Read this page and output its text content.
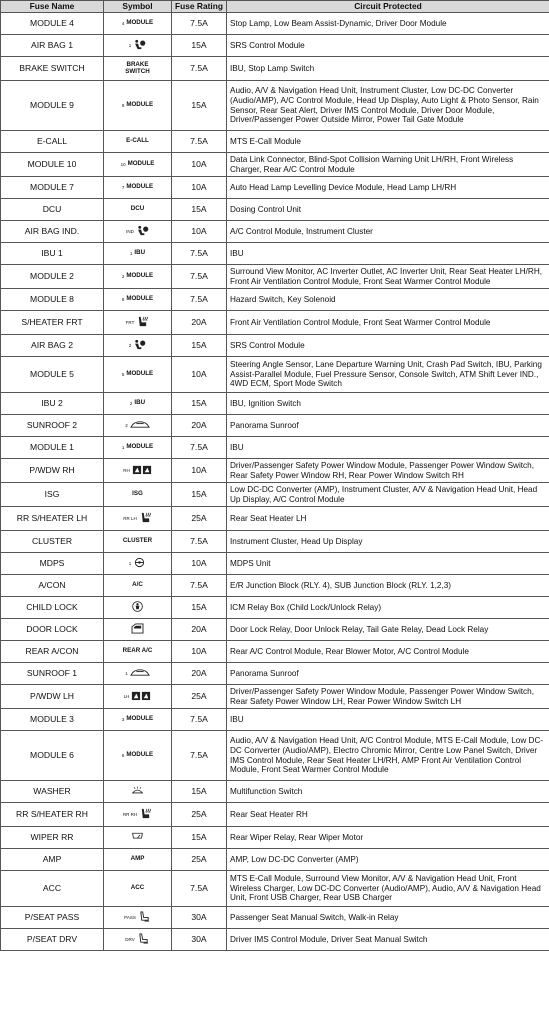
Fuse Name	Symbol	Fuse Rating	Circuit Protected
MODULE 4	4 MODULE	7.5A	Stop Lamp, Low Beam Assist-Dynamic, Driver Door Module
AIR BAG 1	1	15A	SRS Control Module
BRAKE SWITCH	BRAKE SWITCH	7.5A	IBU, Stop Lamp Switch
MODULE 9	9 MODULE	15A	Audio, A/V & Navigation Head Unit, Instrument Cluster, Low DC-DC Converter (Audio/AMP), A/C Control Module, Head Up Display, Auto Light & Photo Sensor, Rain Sensor, Rear Seat Alert, Driver IMS Control Module, Driver Door Module, Driver/Passenger Power Outside Mirror, Power Tail Gate Module
E-CALL	E-CALL	7.5A	MTS E-Call Module
MODULE 10	10 MODULE	10A	Data Link Connector, Blind-Spot Collision Warning Unit LH/RH, Front Wireless Charger, Rear A/C Control Module
MODULE 7	7 MODULE	10A	Auto Head Lamp Levelling Device Module, Head Lamp LH/RH
DCU	DCU	15A	Dosing Control Unit
AIR BAG IND.	IND	10A	A/C Control Module, Instrument Cluster
IBU 1	1 IBU	7.5A	IBU
MODULE 2	2 MODULE	7.5A	Surround View Monitor, AC Inverter Outlet, AC Inverter Unit, Rear Seat Heater LH/RH, Front Air Ventilation Control Module, Front Seat Warmer Control Module
MODULE 8	8 MODULE	7.5A	Hazard Switch, Key Solenoid
S/HEATER FRT	FRT	20A	Front Air Ventilation Control Module, Front Seat Warmer Control Module
AIR BAG 2	2	15A	SRS Control Module
MODULE 5	5 MODULE	10A	Steering Angle Sensor, Lane Departure Warning Unit, Crash Pad Switch, IBU, Parking Assist-Parallel Module, Fuel Pressure Sensor, Console Switch, ATM Shift Lever IND., 4WD ECM, Sport Mode Switch
IBU 2	2 IBU	15A	IBU, Ignition Switch
SUNROOF 2	2	20A	Panorama Sunroof
MODULE 1	1 MODULE	7.5A	IBU
P/WDW RH	RH	10A	Driver/Passenger Safety Power Window Module, Passenger Power Window Switch, Rear Safety Power Window RH, Rear Power Window Switch RH
ISG	ISG	15A	Low DC-DC Converter (AMP), Instrument Cluster, A/V & Navigation Head Unit, Head Up Display, A/C Control Module
RR S/HEATER LH	RR LH	25A	Rear Seat Heater LH
CLUSTER	CLUSTER	7.5A	Instrument Cluster, Head Up Display
MDPS	1	10A	MDPS Unit
A/CON	A/C	7.5A	E/R Junction Block (RLY. 4), SUB Junction Block (RLY. 1,2,3)
CHILD LOCK		15A	ICM Relay Box (Child Lock/Unlock Relay)
DOOR LOCK		20A	Door Lock Relay, Door Unlock Relay, Tail Gate Relay, Dead Lock Relay
REAR A/CON	REAR A/C	10A	Rear A/C Control Module, Rear Blower Motor, A/C Control Module
SUNROOF 1	1	20A	Panorama Sunroof
P/WDW LH	LH	25A	Driver/Passenger Safety Power Window Module, Passenger Power Window Switch, Rear Safety Power Window LH, Rear Power Window Switch LH
MODULE 3	3 MODULE	7.5A	IBU
MODULE 6	6 MODULE	7.5A	Audio, A/V & Navigation Head Unit, A/C Control Module, MTS E-Call Module, Low DC-DC Converter (Audio/AMP), Electro Chromic Mirror, Centre Low Panel Switch, Driver IMS Control Module, Rear Seat Heater LH/RH, AMP Front Air Ventilation Control Module, Front Seat Warmer Control Module
WASHER		15A	Multifunction Switch
RR S/HEATER RH	RR RH	25A	Rear Seat Heater RH
WIPER RR		15A	Rear Wiper Relay, Rear Wiper Motor
AMP	AMP	25A	AMP, Low DC-DC Converter (AMP)
ACC	ACC	7.5A	MTS E-Call Module, Surround View Monitor, A/V & Navigation Head Unit, Front Wireless Charger, Low DC-DC Converter (Audio/AMP), Audio, A/V & Navigation Head Unit, Front USB Charger, Rear USB Charger
P/SEAT PASS	PASS	30A	Passenger Seat Manual Switch, Walk-in Relay
P/SEAT DRV	DRV	30A	Driver IMS Control Module, Driver Seat Manual Switch
